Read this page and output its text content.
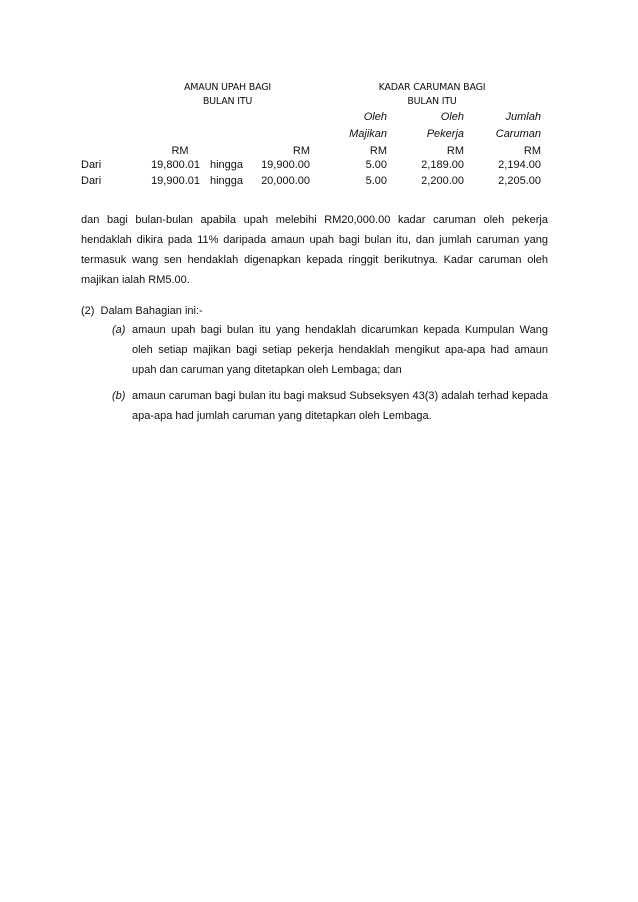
AMAUN UPAH BAGI
BULAN ITU
KADAR CARUMAN BAGI
BULAN ITU
Oleh
Majikan
Oleh
Pekerja
Jumlah
Caruman
RM	RM	RM	RM	RM
Dari	19,800.01 hingga	19,900.00	5.00	2,189.00	2,194.00
Dari	19,900.01 hingga	20,000.00	5.00	2,200.00	2,205.00
dan bagi bulan-bulan apabila upah melebihi RM20,000.00 kadar caruman oleh pekerja hendaklah dikira pada 11% daripada amaun upah bagi bulan itu, dan jumlah caruman yang termasuk wang sen hendaklah digenapkan kepada ringgit berikutnya. Kadar caruman oleh majikan ialah RM5.00.
(2)  Dalam Bahagian ini:-
(a) amaun upah bagi bulan itu yang hendaklah dicarumkan kepada Kumpulan Wang oleh setiap majikan bagi setiap pekerja hendaklah mengikut apa-apa had amaun upah dan caruman yang ditetapkan oleh Lembaga; dan
(b) amaun caruman bagi bulan itu bagi maksud Subseksyen 43(3) adalah terhad kepada apa-apa had jumlah caruman yang ditetapkan oleh Lembaga.
